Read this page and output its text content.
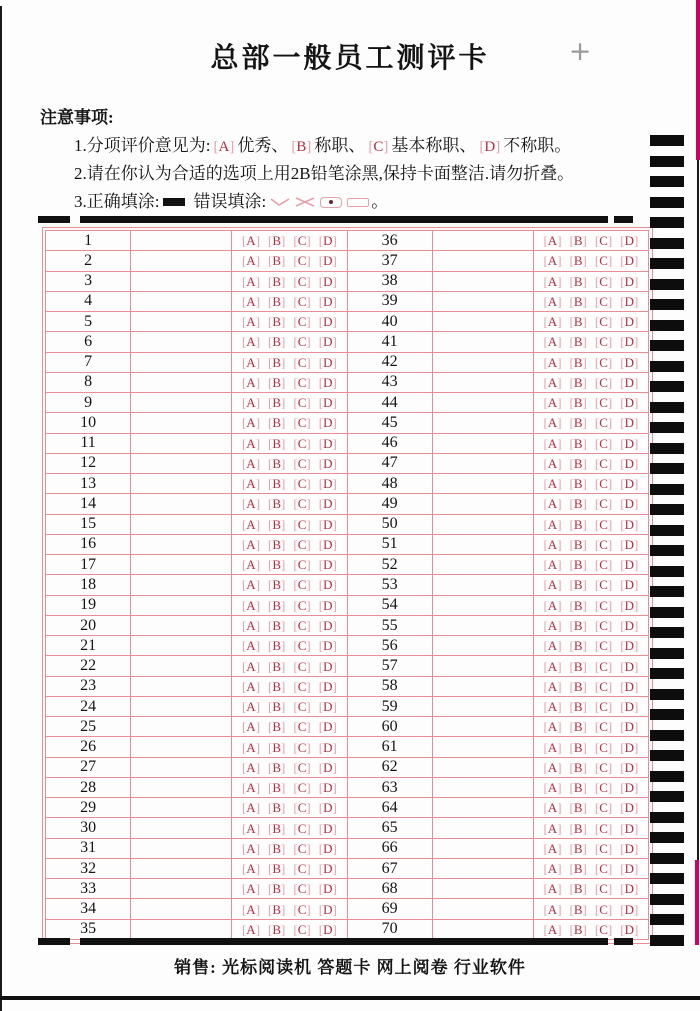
总部一般员工测评卡	+
注意事项:
1.分项评价意见为: [A] 优秀、 [B] 称职、 [C] 基本称职、 [D] 不称职。
2.请在你认为合适的选项上用2B铅笔涂黑,保持卡面整洁.请勿折叠。
3.正确填涂: 错误填涂:	。
1	[A] [B] [C] [D]
2	[A] [B] [C] [D]
3	[A] [B] [C] [D]
4	[A] [B] [C] [D]
5	[A] [B] [C] [D]
6	[A] [B] [C] [D]
7	[A] [B] [C] [D]
8	[A] [B] [C] [D]
9	[A] [B] [C] [D]
10	[A] [B] [C] [D]
11	[A] [B] [C] [D]
12	[A] [B] [C] [D]
13	[A] [B] [C] [D]
14	[A] [B] [C] [D]
15	[A] [B] [C] [D]
16	[A] [B] [C] [D]
17	[A] [B] [C] [D]
18	[A] [B] [C] [D]
19	[A] [B] [C] [D]
20	[A] [B] [C] [D]
21	[A] [B] [C] [D]
22	[A] [B] [C] [D]
23	[A] [B] [C] [D]
24	[A] [B] [C] [D]
25	[A] [B] [C] [D]
26	[A] [B] [C] [D]
27	[A] [B] [C] [D]
28	[A] [B] [C] [D]
29	[A] [B] [C] [D]
30	[A] [B] [C] [D]
31	[A] [B] [C] [D]
32	[A] [B] [C] [D]
33	[A] [B] [C] [D]
34	[A] [B] [C] [D]
35	[A] [B] [C] [D]
36	[A] [B] [C] [D]
37	[A] [B] [C] [D]
38	[A] [B] [C] [D]
39	[A] [B] [C] [D]
40	[A] [B] [C] [D]
41	[A] [B] [C] [D]
42	[A] [B] [C] [D]
43	[A] [B] [C] [D]
44	[A] [B] [C] [D]
45	[A] [B] [C] [D]
46	[A] [B] [C] [D]
47	[A] [B] [C] [D]
48	[A] [B] [C] [D]
49	[A] [B] [C] [D]
50	[A] [B] [C] [D]
51	[A] [B] [C] [D]
52	[A] [B] [C] [D]
53	[A] [B] [C] [D]
54	[A] [B] [C] [D]
55	[A] [B] [C] [D]
56	[A] [B] [C] [D]
57	[A] [B] [C] [D]
58	[A] [B] [C] [D]
59	[A] [B] [C] [D]
60	[A] [B] [C] [D]
61	[A] [B] [C] [D]
62	[A] [B] [C] [D]
63	[A] [B] [C] [D]
64	[A] [B] [C] [D]
65	[A] [B] [C] [D]
66	[A] [B] [C] [D]
67	[A] [B] [C] [D]
68	[A] [B] [C] [D]
69	[A] [B] [C] [D]
70	[A] [B] [C] [D]
销售: 光标阅读机 答题卡 网上阅卷 行业软件
